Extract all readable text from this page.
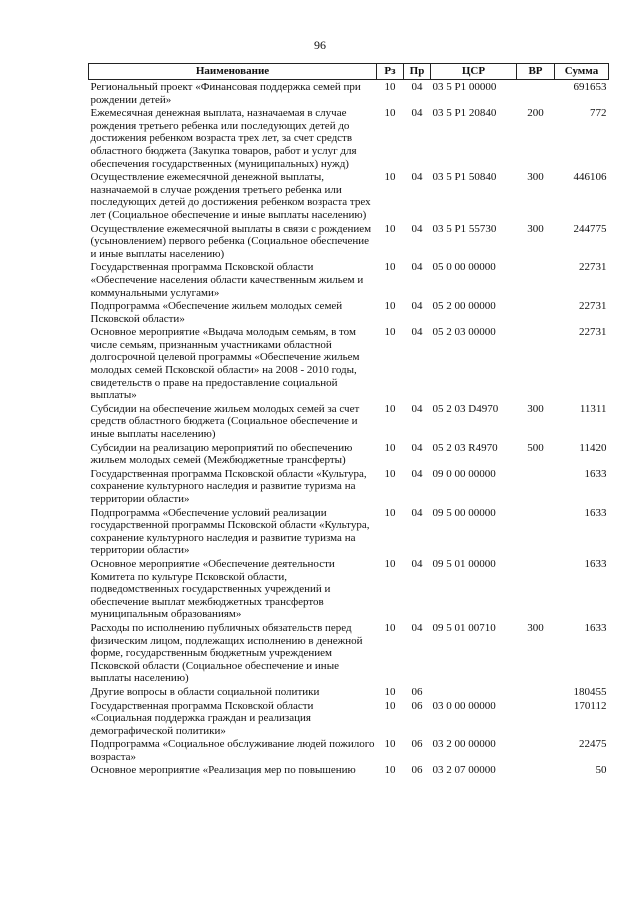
96
Наименование	Рз	Пр	ЦСР	ВР	Сумма
Региональный проект «Финансовая поддержка семей при рождении детей»	10	04	03 5 P1 00000		691653
Ежемесячная денежная выплата, назначаемая в случае рождения третьего ребенка или последующих детей до достижения ребенком возраста трех лет, за счет средств областного бюджета (Закупка товаров, работ и услуг для обеспечения государственных (муниципальных) нужд)	10	04	03 5 P1 20840	200	772
Осуществление ежемесячной денежной выплаты, назначаемой в случае рождения третьего ребенка или последующих детей до достижения ребенком возраста трех лет (Социальное обеспечение и иные выплаты населению)	10	04	03 5 P1 50840	300	446106
Осуществление ежемесячной выплаты в связи с рождением (усыновлением) первого ребенка (Социальное обеспечение и иные выплаты населению)	10	04	03 5 P1 55730	300	244775
Государственная программа Псковской области «Обеспечение населения области качественным жильем и коммунальными услугами»	10	04	05 0 00 00000		22731
Подпрограмма «Обеспечение жильем молодых семей Псковской области»	10	04	05 2 00 00000		22731
Основное мероприятие «Выдача молодым семьям, в том числе семьям, признанным участниками областной долгосрочной целевой программы «Обеспечение жильем молодых семей Псковской области» на 2008 - 2010 годы, свидетельств о праве на предоставление социальной выплаты»	10	04	05 2 03 00000		22731
Субсидии на обеспечение жильем молодых семей за счет средств областного бюджета (Социальное обеспечение и иные выплаты населению)	10	04	05 2 03 D4970	300	11311
Субсидии на реализацию мероприятий по обеспечению жильем молодых семей (Межбюджетные трансферты)	10	04	05 2 03 R4970	500	11420
Государственная программа Псковской области «Культура, сохранение культурного наследия и развитие туризма на территории области»	10	04	09 0 00 00000		1633
Подпрограмма «Обеспечение условий реализации государственной программы Псковской области «Культура, сохранение культурного наследия и развитие туризма на территории области»	10	04	09 5 00 00000		1633
Основное мероприятие «Обеспечение деятельности Комитета по культуре Псковской области, подведомственных государственных учреждений и обеспечение выплат межбюджетных трансфертов муниципальным образованиям»	10	04	09 5 01 00000		1633
Расходы по исполнению публичных обязательств перед физическим лицом, подлежащих исполнению в денежной форме, государственным бюджетным учреждением Псковской области (Социальное обеспечение и иные выплаты населению)	10	04	09 5 01 00710	300	1633
Другие вопросы в области социальной политики	10	06			180455
Государственная программа Псковской области «Социальная поддержка граждан и реализация демографической политики»	10	06	03 0 00 00000		170112
Подпрограмма «Социальное обслуживание людей пожилого возраста»	10	06	03 2 00 00000		22475
Основное мероприятие «Реализация мер по повышению	10	06	03 2 07 00000		50
